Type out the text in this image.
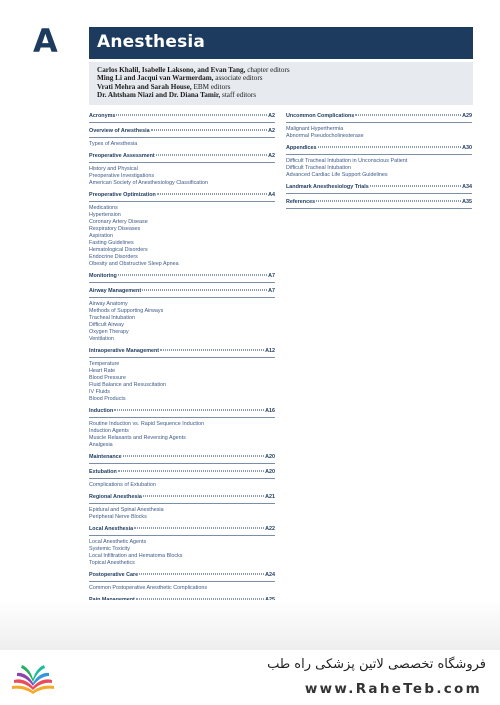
A Anesthesia
Carlos Khalil, Isabelle Laksono, and Evan Tang, chapter editors
Ming Li and Jacqui van Warmerdam, associate editors
Vrati Mehra and Sarah House, EBM editors
Dr. Ahtsham Niazi and Dr. Diana Tamir, staff editors
Acronyms	A2
Overview of Anesthesia	A2
Types of Anesthesia
Preoperative Assessment	A2
History and Physical
Preoperative Investigations
American Society of Anesthesiology Classification
Preoperative Optimization	A4
Medications
Hypertension
Coronary Artery Disease
Respiratory Diseases
Aspiration
Fasting Guidelines
Hematological Disorders
Endocrine Disorders
Obesity and Obstructive Sleep Apnea
Monitoring	A7
Airway Management	A7
Airway Anatomy
Methods of Supporting Airways
Tracheal Intubation
Difficult Airway
Oxygen Therapy
Ventilation
Intraoperative Management	A12
Temperature
Heart Rate
Blood Pressure
Fluid Balance and Resuscitation
IV Fluids
Blood Products
Induction	A16
Routine Induction vs. Rapid Sequence Induction
Induction Agents
Muscle Relaxants and Reversing Agents
Analgesia
Maintenance	A20
Extubation	A20
Complications of Extubation
Regional Anesthesia	A21
Epidural and Spinal Anesthesia
Peripheral Nerve Blocks
Local Anesthesia	A22
Local Anesthetic Agents
Systemic Toxicity
Local Infiltration and Hematoma Blocks
Topical Anesthetics
Postoperative Care	A24
Common Postoperative Anesthetic Complications
Uncommon Complications	A29
Malignant Hyperthermia
Abnormal Pseudocholinesterase
Appendices	A30
Difficult Tracheal Intubation in Unconscious Patient
Difficult Tracheal Intubation
Advanced Cardiac Life Support Guidelines
Landmark Anesthesiology Trials	A34
References	A35
فروشگاه تخصصی لاتین پزشکی راه طب
www.RaheTeb.com
